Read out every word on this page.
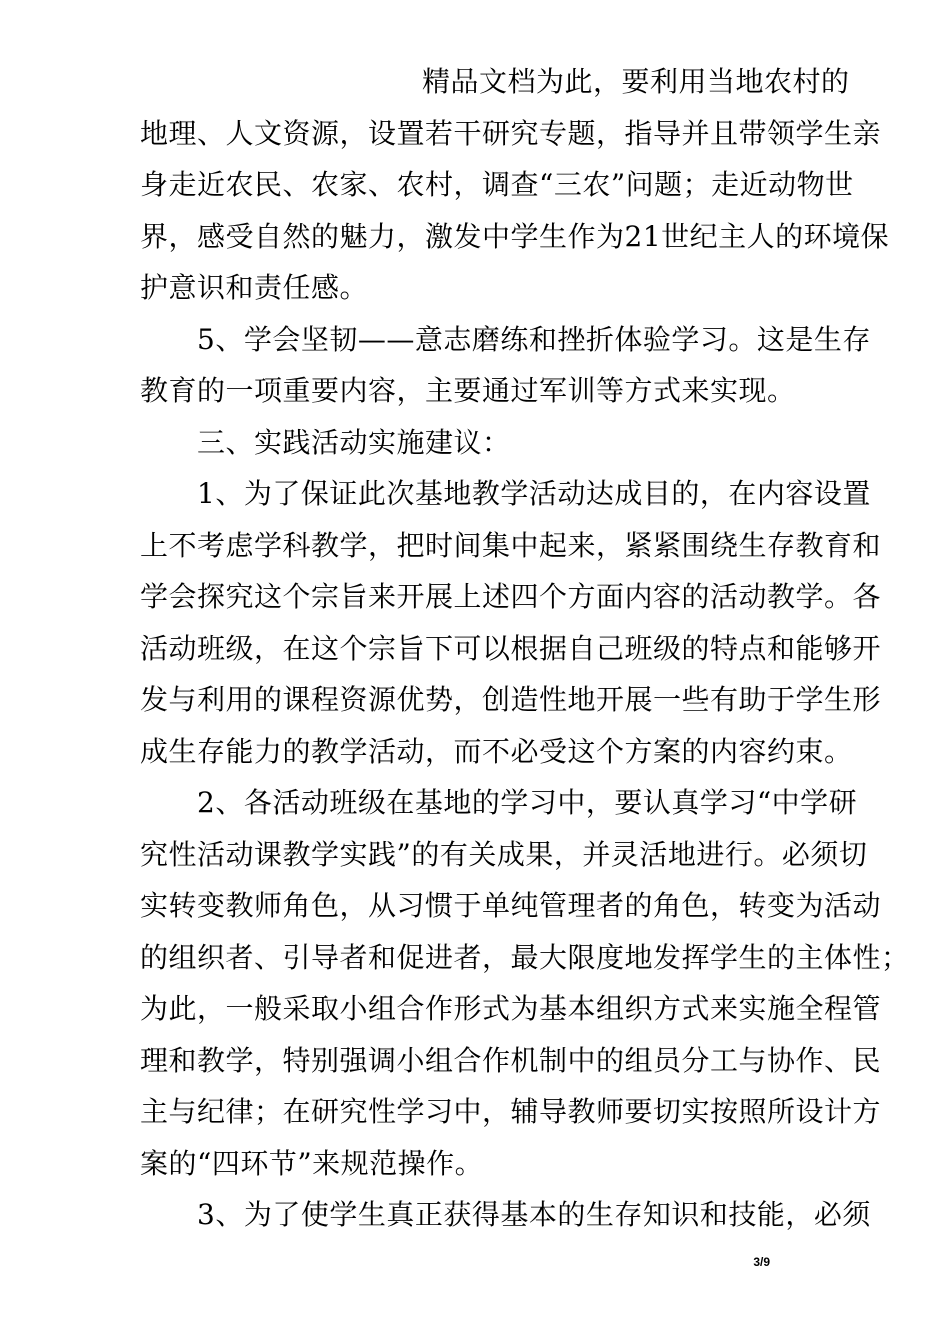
精品文档为此，要利用当地农村的
地理、人文资源，设置若干研究专题，指导并且带领学生亲
身走近农民、农家、农村，调查“三农”问题；走近动物世
界，感受自然的魅力，激发中学生作为21世纪主人的环境保
护意识和责任感。
5、学会坚韧——意志磨练和挫折体验学习。这是生存
教育的一项重要内容，主要通过军训等方式来实现。
三、实践活动实施建议：
1、为了保证此次基地教学活动达成目的，在内容设置
上不考虑学科教学，把时间集中起来，紧紧围绕生存教育和
学会探究这个宗旨来开展上述四个方面内容的活动教学。各
活动班级，在这个宗旨下可以根据自己班级的特点和能够开
发与利用的课程资源优势，创造性地开展一些有助于学生形
成生存能力的教学活动，而不必受这个方案的内容约束。
2、各活动班级在基地的学习中，要认真学习“中学研
究性活动课教学实践”的有关成果，并灵活地进行。必须切
实转变教师角色，从习惯于单纯管理者的角色，转变为活动
的组织者、引导者和促进者，最大限度地发挥学生的主体性；
为此，一般采取小组合作形式为基本组织方式来实施全程管
理和教学，特别强调小组合作机制中的组员分工与协作、民
主与纪律；在研究性学习中，辅导教师要切实按照所设计方
案的“四环节”来规范操作。
3、为了使学生真正获得基本的生存知识和技能，必须
3/9
